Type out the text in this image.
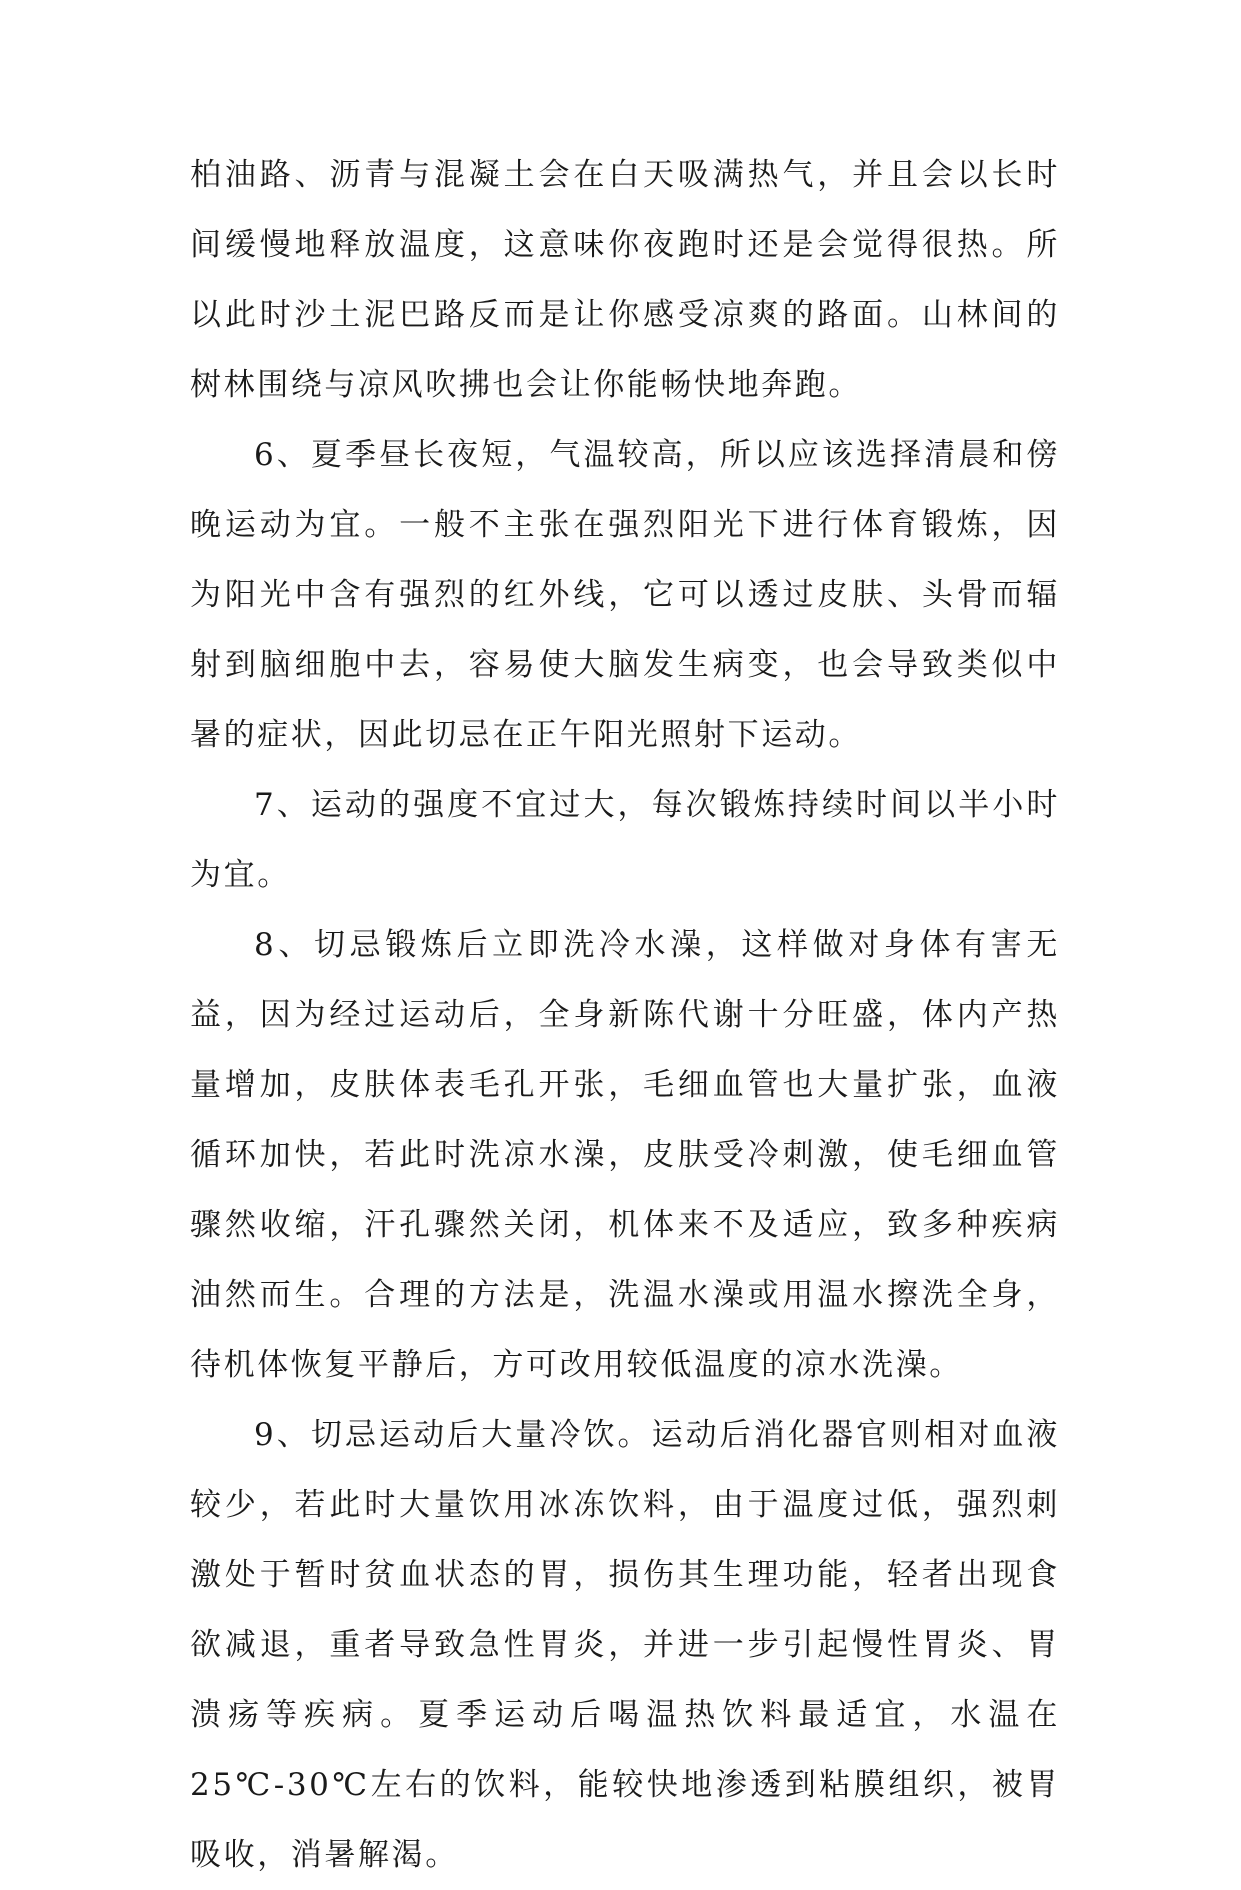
柏油路、沥青与混凝土会在白天吸满热气，并且会以长时间缓慢地释放温度，这意味你夜跑时还是会觉得很热。所以此时沙土泥巴路反而是让你感受凉爽的路面。山林间的树林围绕与凉风吹拂也会让你能畅快地奔跑。

6、夏季昼长夜短，气温较高，所以应该选择清晨和傍晚运动为宜。一般不主张在强烈阳光下进行体育锻炼，因为阳光中含有强烈的红外线，它可以透过皮肤、头骨而辐射到脑细胞中去，容易使大脑发生病变，也会导致类似中暑的症状，因此切忌在正午阳光照射下运动。

7、运动的强度不宜过大，每次锻炼持续时间以半小时为宜。

8、切忌锻炼后立即洗冷水澡，这样做对身体有害无益，因为经过运动后，全身新陈代谢十分旺盛，体内产热量增加，皮肤体表毛孔开张，毛细血管也大量扩张，血液循环加快，若此时洗凉水澡，皮肤受冷刺激，使毛细血管骤然收缩，汗孔骤然关闭，机体来不及适应，致多种疾病油然而生。合理的方法是，洗温水澡或用温水擦洗全身，待机体恢复平静后，方可改用较低温度的凉水洗澡。

9、切忌运动后大量冷饮。运动后消化器官则相对血液较少，若此时大量饮用冰冻饮料，由于温度过低，强烈刺激处于暂时贫血状态的胃，损伤其生理功能，轻者出现食欲减退，重者导致急性胃炎，并进一步引起慢性胃炎、胃溃疡等疾病。夏季运动后喝温热饮料最适宜，水温在25℃-30℃左右的饮料，能较快地渗透到粘膜组织，被胃吸收，消暑解渴。
